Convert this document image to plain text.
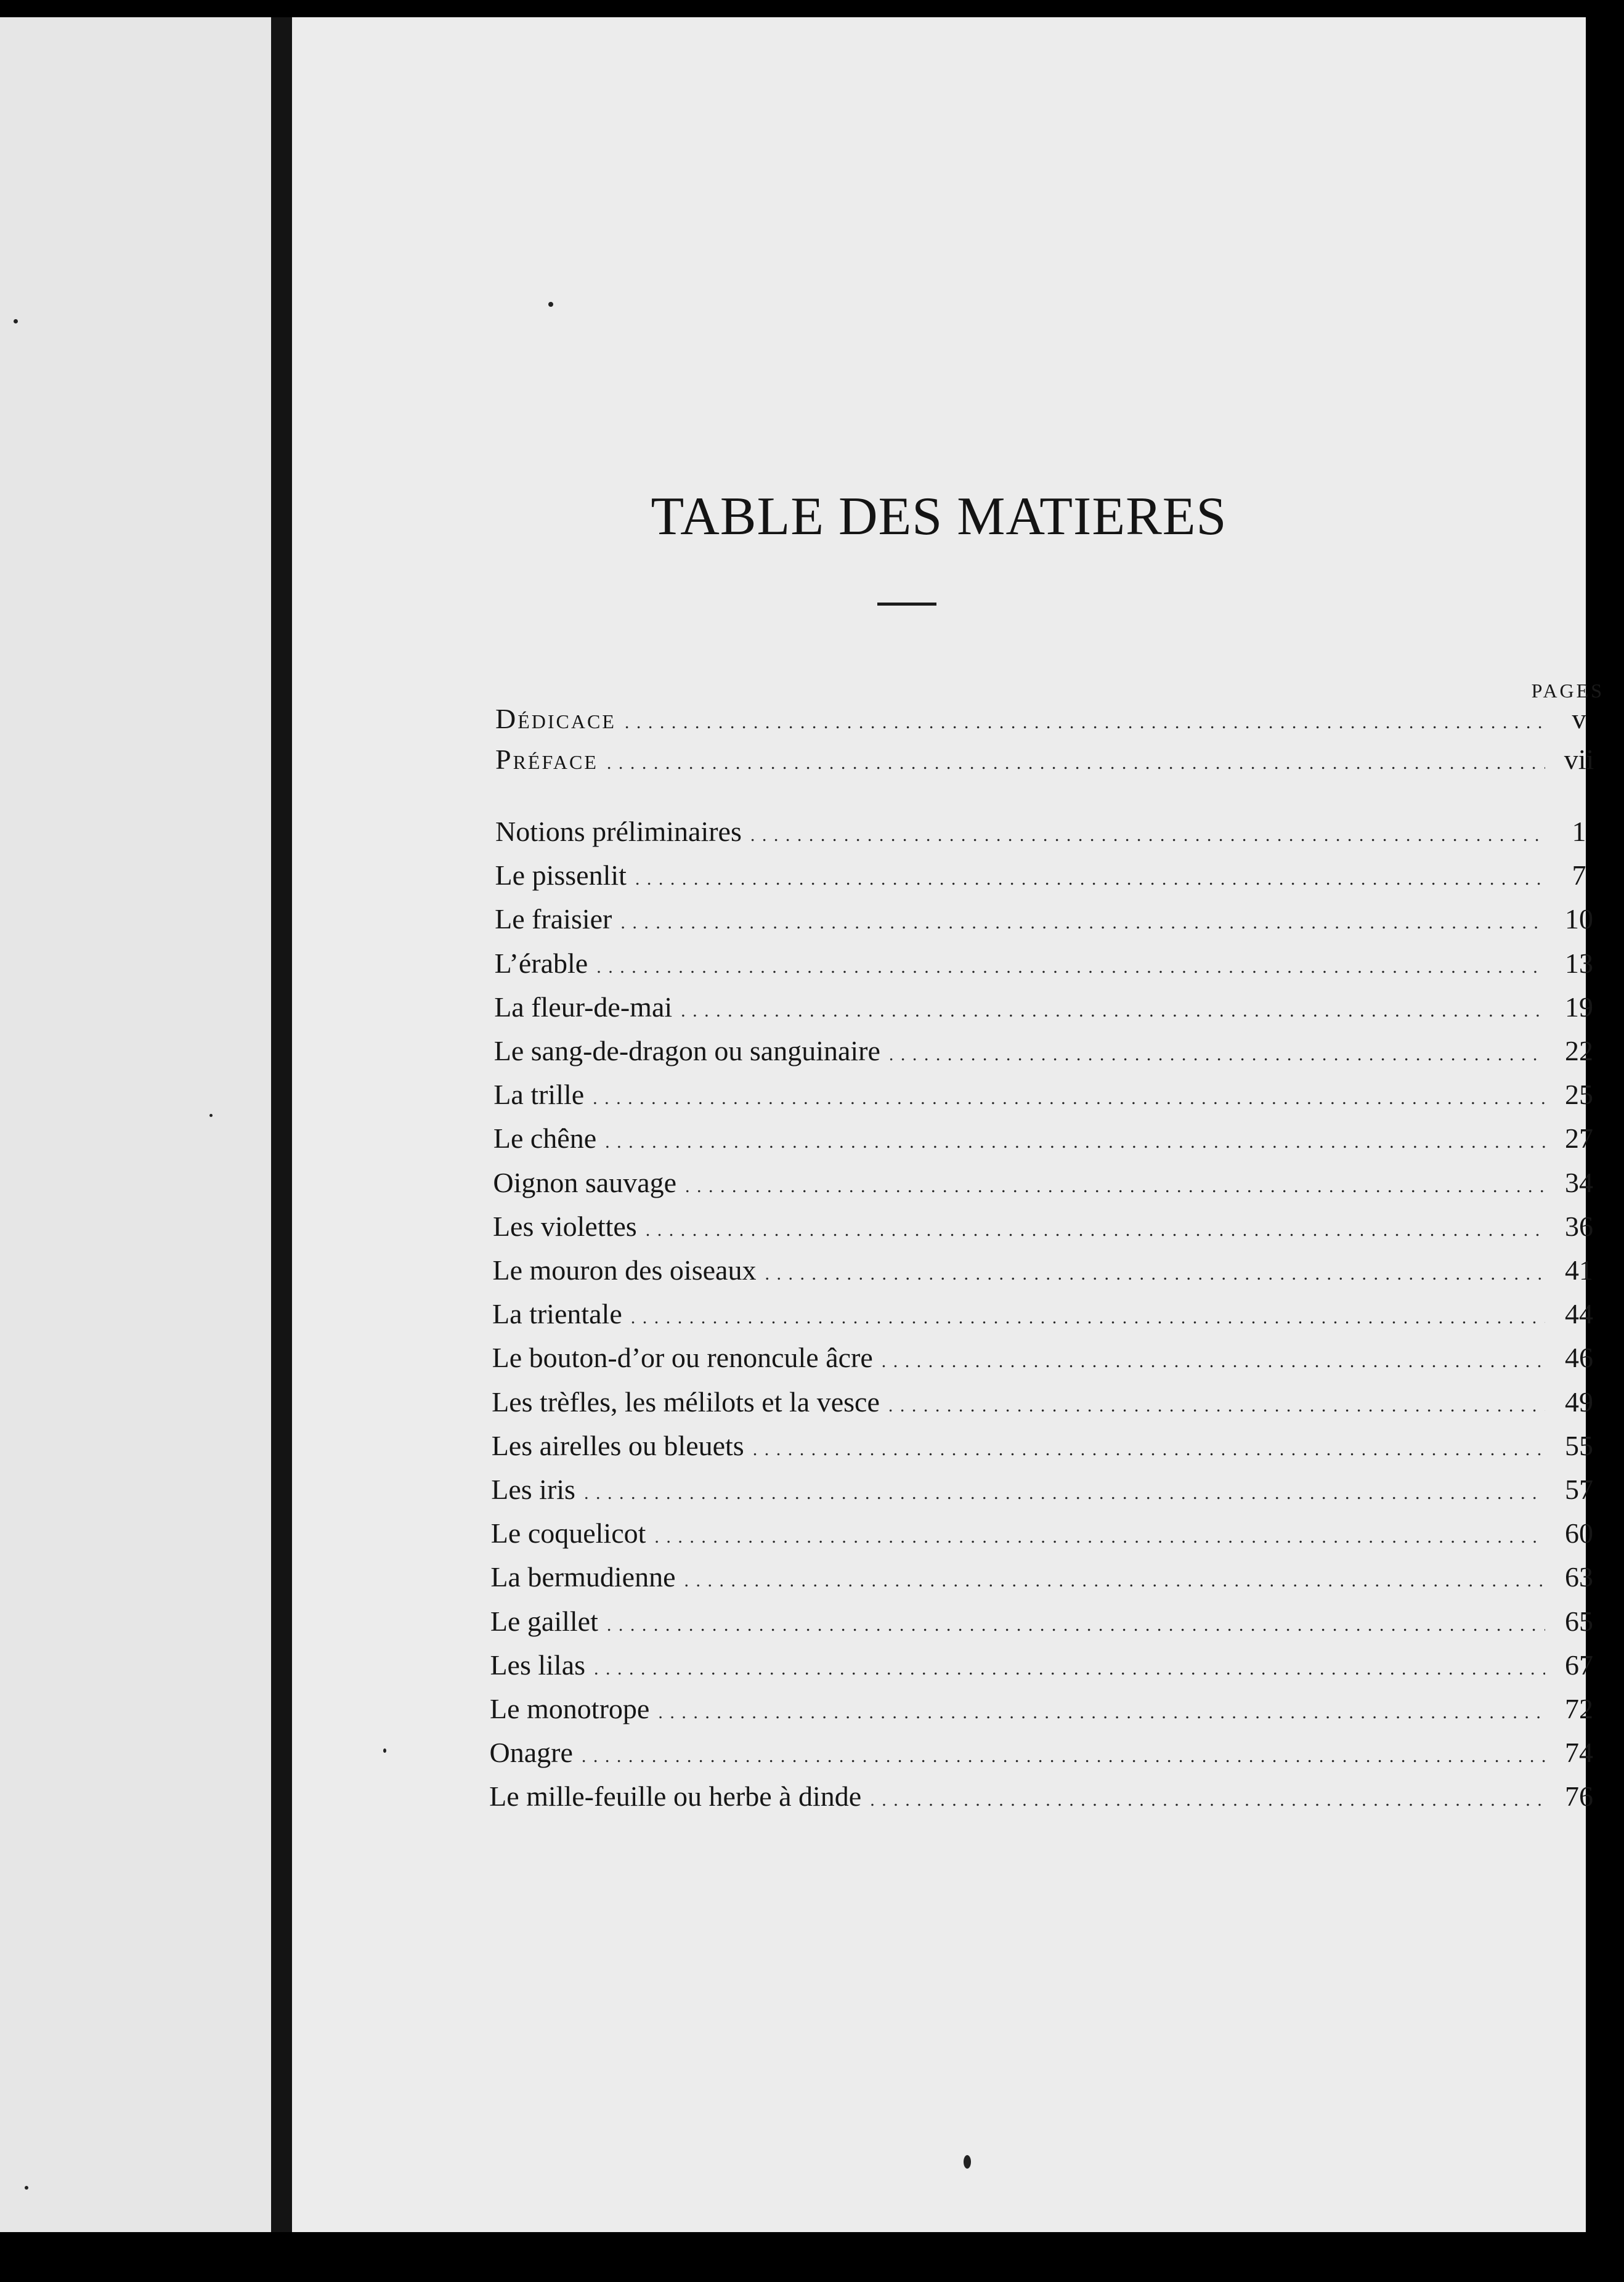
TABLE DES MATIERES
PAGES
Dédicace . . .	v
Préface . . .	vii
Notions préliminaires . . .	1
Le pissenlit . . .	7
Le fraisier . . .	10
L’érable . . .	13
La fleur-de-mai . . .	19
Le sang-de-dragon ou sanguinaire . . .	22
La trille . . .	25
Le chêne . . .	27
Oignon sauvage . . .	34
Les violettes . . .	36
Le mouron des oiseaux . . .	41
La trientale . . .	44
Le bouton-d’or ou renoncule âcre . . .	46
Les trèfles, les mélilots et la vesce . . .	49
Les airelles ou bleuets . . .	55
Les iris . . .	57
Le coquelicot . . .	60
La bermudienne . . .	63
Le gaillet . . .	65
Les lilas . . .	67
Le monotrope . . .	72
Onagre . . .	74
Le mille-feuille ou herbe à dinde . . .	76
